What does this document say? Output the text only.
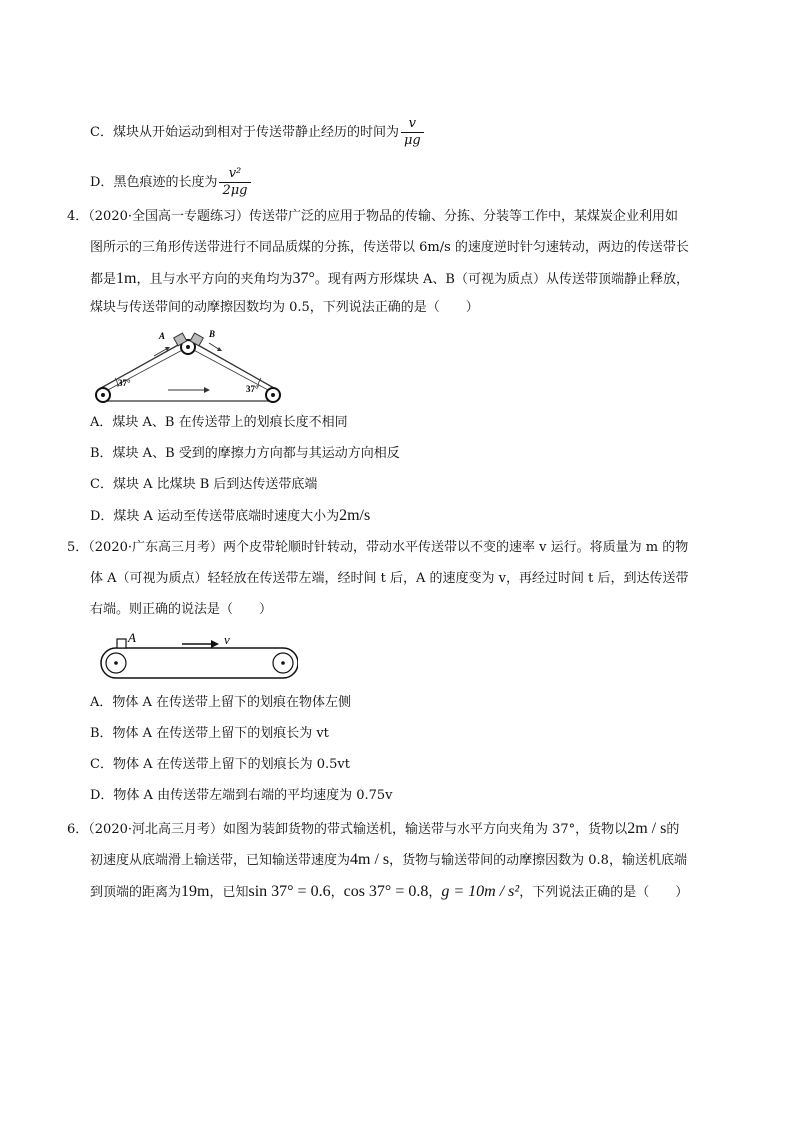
C．煤块从开始运动到相对于传送带静止经历的时间为 $\frac{v}{\mu g}$
D．黑色痕迹的长度为 $\frac{\text{v²}}{2\mu g}$
4．（2020·全国高一专题练习）传送带广泛的应用于物品的传输、分拣、分装等工作中，某煤炭企业利用如
图所示的三角形传送带进行不同品质煤的分拣，传送带以 6m/s 的速度逆时针匀速转动，两边的传送带长
都是1m，且与水平方向的夹角均为37°。现有两方形煤块 A、B（可视为质点）从传送带顶端静止释放，
煤块与传送带间的动摩擦因数均为 0.5，下列说法正确的是（　　）
A	B
37°
37°
A．煤块 A、B 在传送带上的划痕长度不相同
B．煤块 A、B 受到的摩擦力方向都与其运动方向相反
C．煤块 A 比煤块 B 后到达传送带底端
D．煤块 A 运动至传送带底端时速度大小为2m/s
5．（2020·广东高三月考）两个皮带轮顺时针转动，带动水平传送带以不变的速率 v 运行。将质量为 m 的物
体 A（可视为质点）轻轻放在传送带左端，经时间 t 后，A 的速度变为 v，再经过时间 t 后，到达传送带
右端。则正确的说法是（　　）
A	v
A．物体 A 在传送带上留下的划痕在物体左侧
B．物体 A 在传送带上留下的划痕长为 vt
C．物体 A 在传送带上留下的划痕长为 0.5vt
D．物体 A 由传送带左端到右端的平均速度为 0.75v
6．（2020·河北高三月考）如图为装卸货物的带式输送机，输送带与水平方向夹角为 37°，货物以2m / s的
初速度从底端滑上输送带，已知输送带速度为4m / s，货物与输送带间的动摩擦因数为 0.8，输送机底端
到顶端的距离为19m，已知sin 37° = 0.6，cos 37° = 0.8，g = 10m / s²，下列说法正确的是（　　）
